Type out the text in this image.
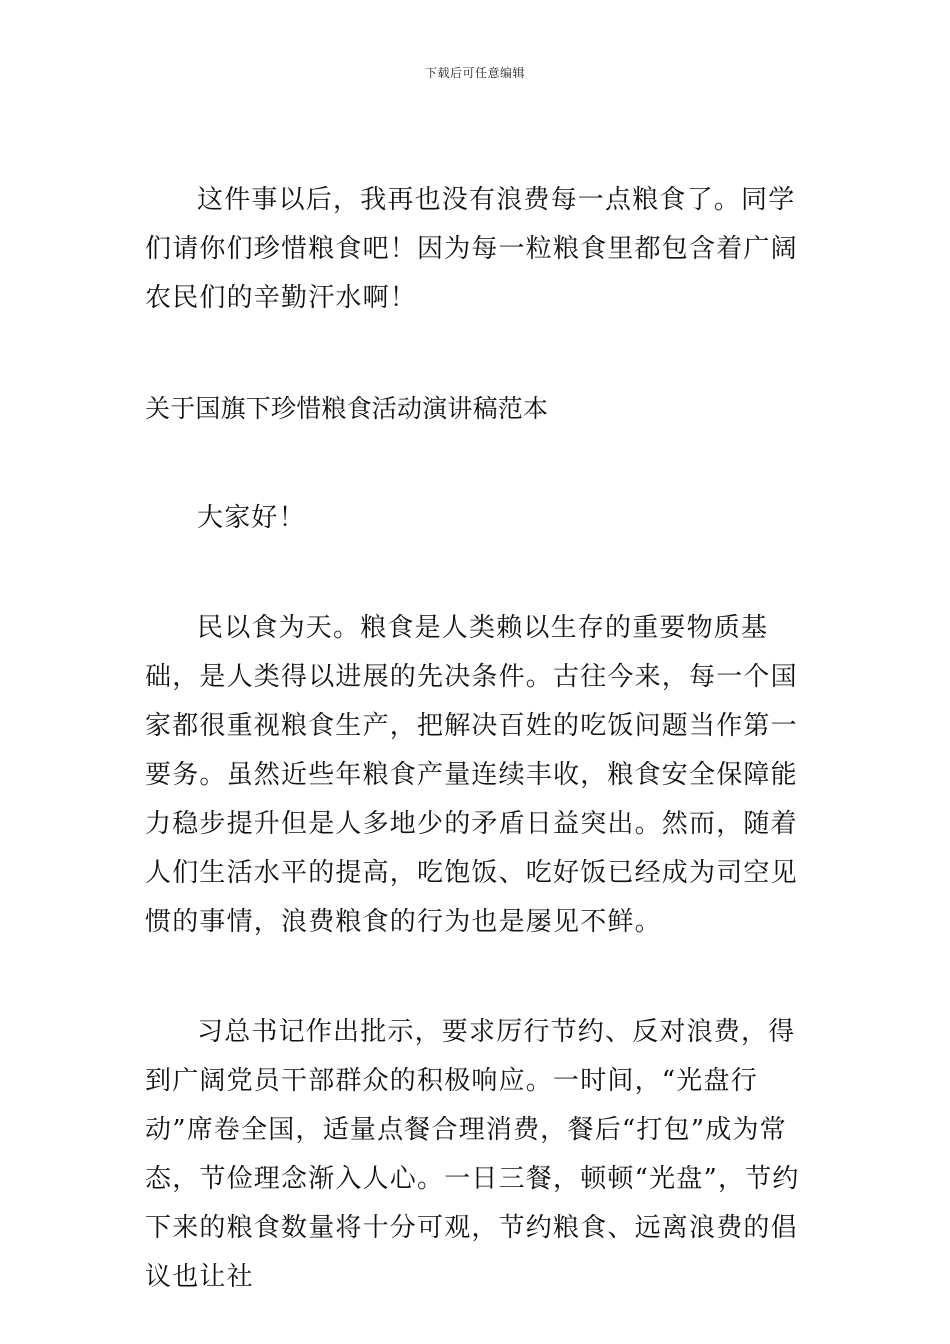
下载后可任意编辑

这件事以后，我再也没有浪费每一点粮食了。同学们请你们珍惜粮食吧！因为每一粒粮食里都包含着广阔农民们的辛勤汗水啊！

关于国旗下珍惜粮食活动演讲稿范本

大家好！

民以食为天。粮食是人类赖以生存的重要物质基础，是人类得以进展的先决条件。古往今来，每一个国家都很重视粮食生产，把解决百姓的吃饭问题当作第一要务。虽然近些年粮食产量连续丰收，粮食安全保障能力稳步提升但是人多地少的矛盾日益突出。然而，随着人们生活水平的提高，吃饱饭、吃好饭已经成为司空见惯的事情，浪费粮食的行为也是屡见不鲜。

习总书记作出批示，要求厉行节约、反对浪费，得到广阔党员干部群众的积极响应。一时间，“光盘行动”席卷全国，适量点餐合理消费，餐后“打包”成为常态，节俭理念渐入人心。一日三餐，顿顿“光盘”，节约下来的粮食数量将十分可观，节约粮食、远离浪费的倡议也让社
